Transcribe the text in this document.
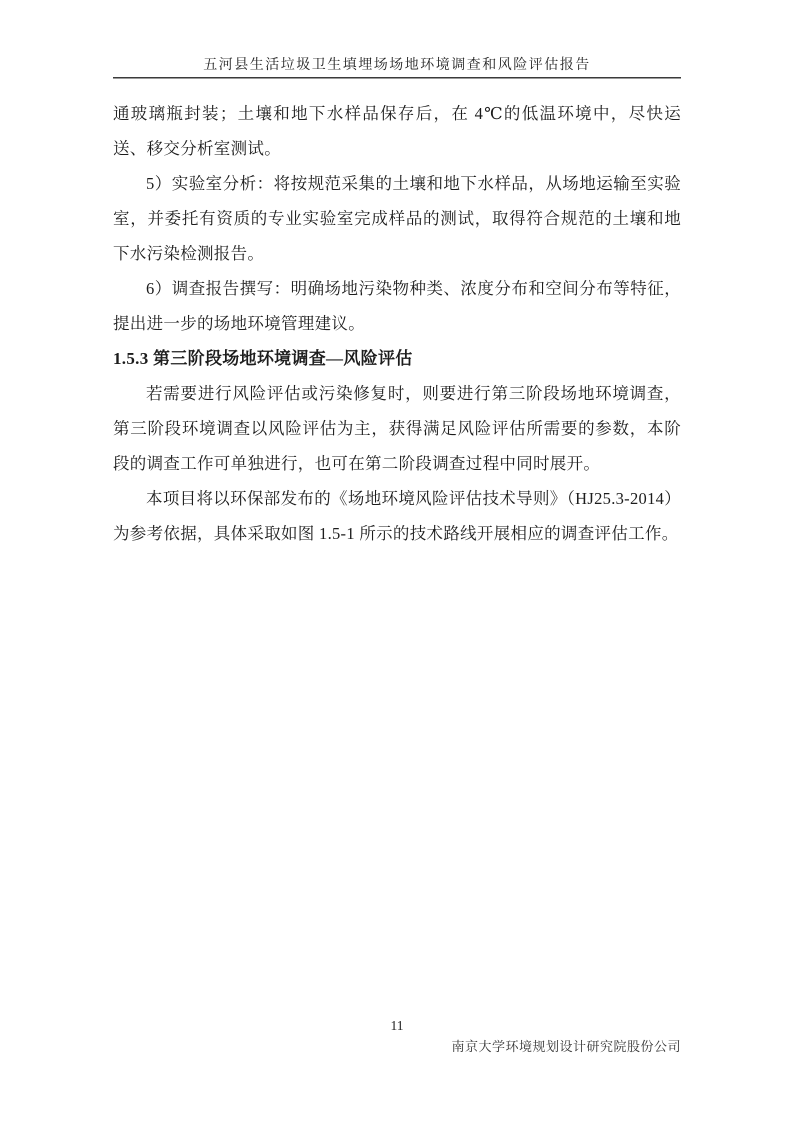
五河县生活垃圾卫生填埋场场地环境调查和风险评估报告

通玻璃瓶封装；土壤和地下水样品保存后，在 4℃的低温环境中，尽快运送、移交分析室测试。

5）实验室分析：将按规范采集的土壤和地下水样品，从场地运输至实验室，并委托有资质的专业实验室完成样品的测试，取得符合规范的土壤和地下水污染检测报告。

6）调查报告撰写：明确场地污染物种类、浓度分布和空间分布等特征，提出进一步的场地环境管理建议。

1.5.3 第三阶段场地环境调查—风险评估

若需要进行风险评估或污染修复时，则要进行第三阶段场地环境调查，第三阶段环境调查以风险评估为主，获得满足风险评估所需要的参数，本阶段的调查工作可单独进行，也可在第二阶段调查过程中同时展开。

本项目将以环保部发布的《场地环境风险评估技术导则》（HJ25.3-2014）为参考依据，具体采取如图 1.5-1 所示的技术路线开展相应的调查评估工作。

11
南京大学环境规划设计研究院股份公司
